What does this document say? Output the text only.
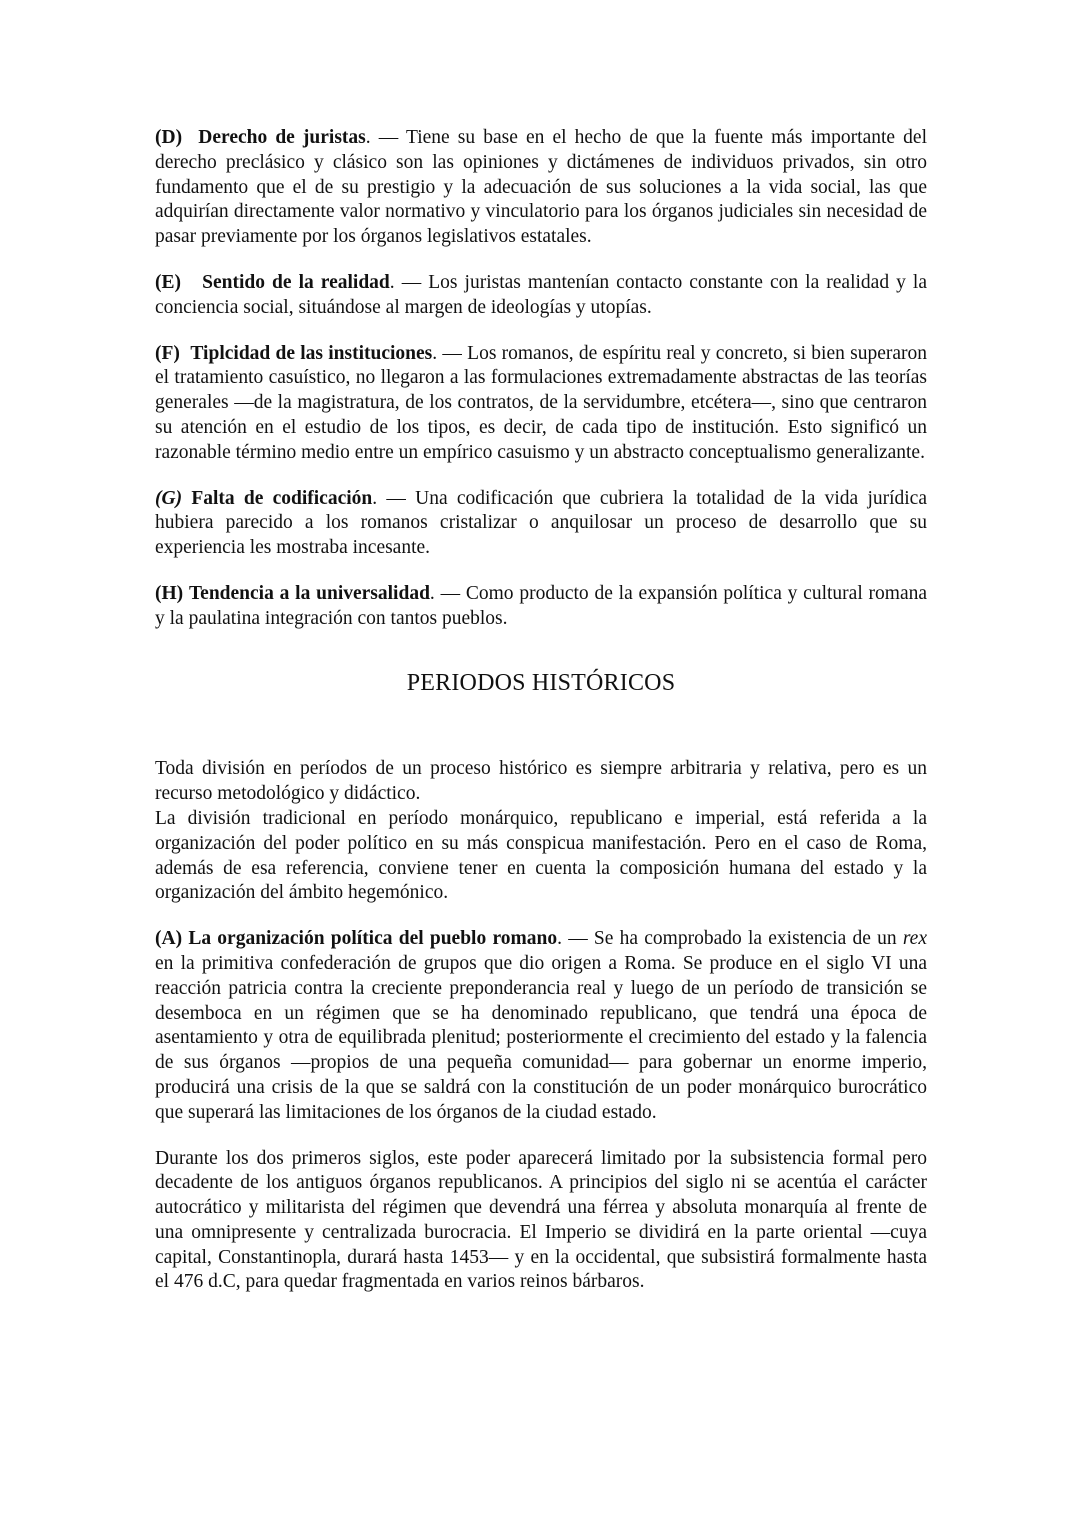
(D) Derecho de juristas. — Tiene su base en el hecho de que la fuente más importante del derecho preclásico y clásico son las opiniones y dictámenes de individuos privados, sin otro fundamento que el de su prestigio y la adecuación de sus soluciones a la vida social, las que adquirían directamente valor normativo y vinculatorio para los órganos judiciales sin necesidad de pasar previamente por los órganos legislativos estatales.

(E) Sentido de la realidad. — Los juristas mantenían contacto constante con la realidad y la conciencia social, situándose al margen de ideologías y utopías.

(F) Tiplcidad de las instituciones. — Los romanos, de espíritu real y concreto, si bien superaron el tratamiento casuístico, no llegaron a las formulaciones extremadamente abstractas de las teorías generales —de la magistratura, de los contratos, de la servidumbre, etcétera—, sino que centraron su atención en el estudio de los tipos, es decir, de cada tipo de institución. Esto significó un razonable término medio entre un empírico casuismo y un abstracto conceptualismo generalizante.

(G) Falta de codificación. — Una codificación que cubriera la totalidad de la vida jurídica hubiera parecido a los romanos cristalizar o anquilosar un proceso de desarrollo que su experiencia les mostraba incesante.

(H) Tendencia a la universalidad. — Como producto de la expansión política y cultural romana y la paulatina integración con tantos pueblos.

PERIODOS HISTÓRICOS

Toda división en períodos de un proceso histórico es siempre arbitraria y relativa, pero es un recurso metodológico y didáctico.

La división tradicional en período monárquico, republicano e imperial, está referida a la organización del poder político en su más conspicua manifestación. Pero en el caso de Roma, además de esa referencia, conviene tener en cuenta la composición humana del estado y la organización del ámbito hegemónico.

(A) La organización política del pueblo romano. — Se ha comprobado la existencia de un rex en la primitiva confederación de grupos que dio origen a Roma. Se produce en el siglo VI una reacción patricia contra la creciente preponderancia real y luego de un período de transición se desemboca en un régimen que se ha denominado republicano, que tendrá una época de asentamiento y otra de equilibrada plenitud; posteriormente el crecimiento del estado y la falencia de sus órganos —propios de una pequeña comunidad— para gobernar un enorme imperio, producirá una crisis de la que se saldrá con la constitución de un poder monárquico burocrático que superará las limitaciones de los órganos de la ciudad estado.

Durante los dos primeros siglos, este poder aparecerá limitado por la subsistencia formal pero decadente de los antiguos órganos republicanos. A principios del siglo ni se acentúa el carácter autocrático y militarista del régimen que devendrá una férrea y absoluta monarquía al frente de una omnipresente y centralizada burocracia. El Imperio se dividirá en la parte oriental —cuya capital, Constantinopla, durará hasta 1453— y en la occidental, que subsistirá formalmente hasta el 476 d.C, para quedar fragmentada en varios reinos bárbaros.
